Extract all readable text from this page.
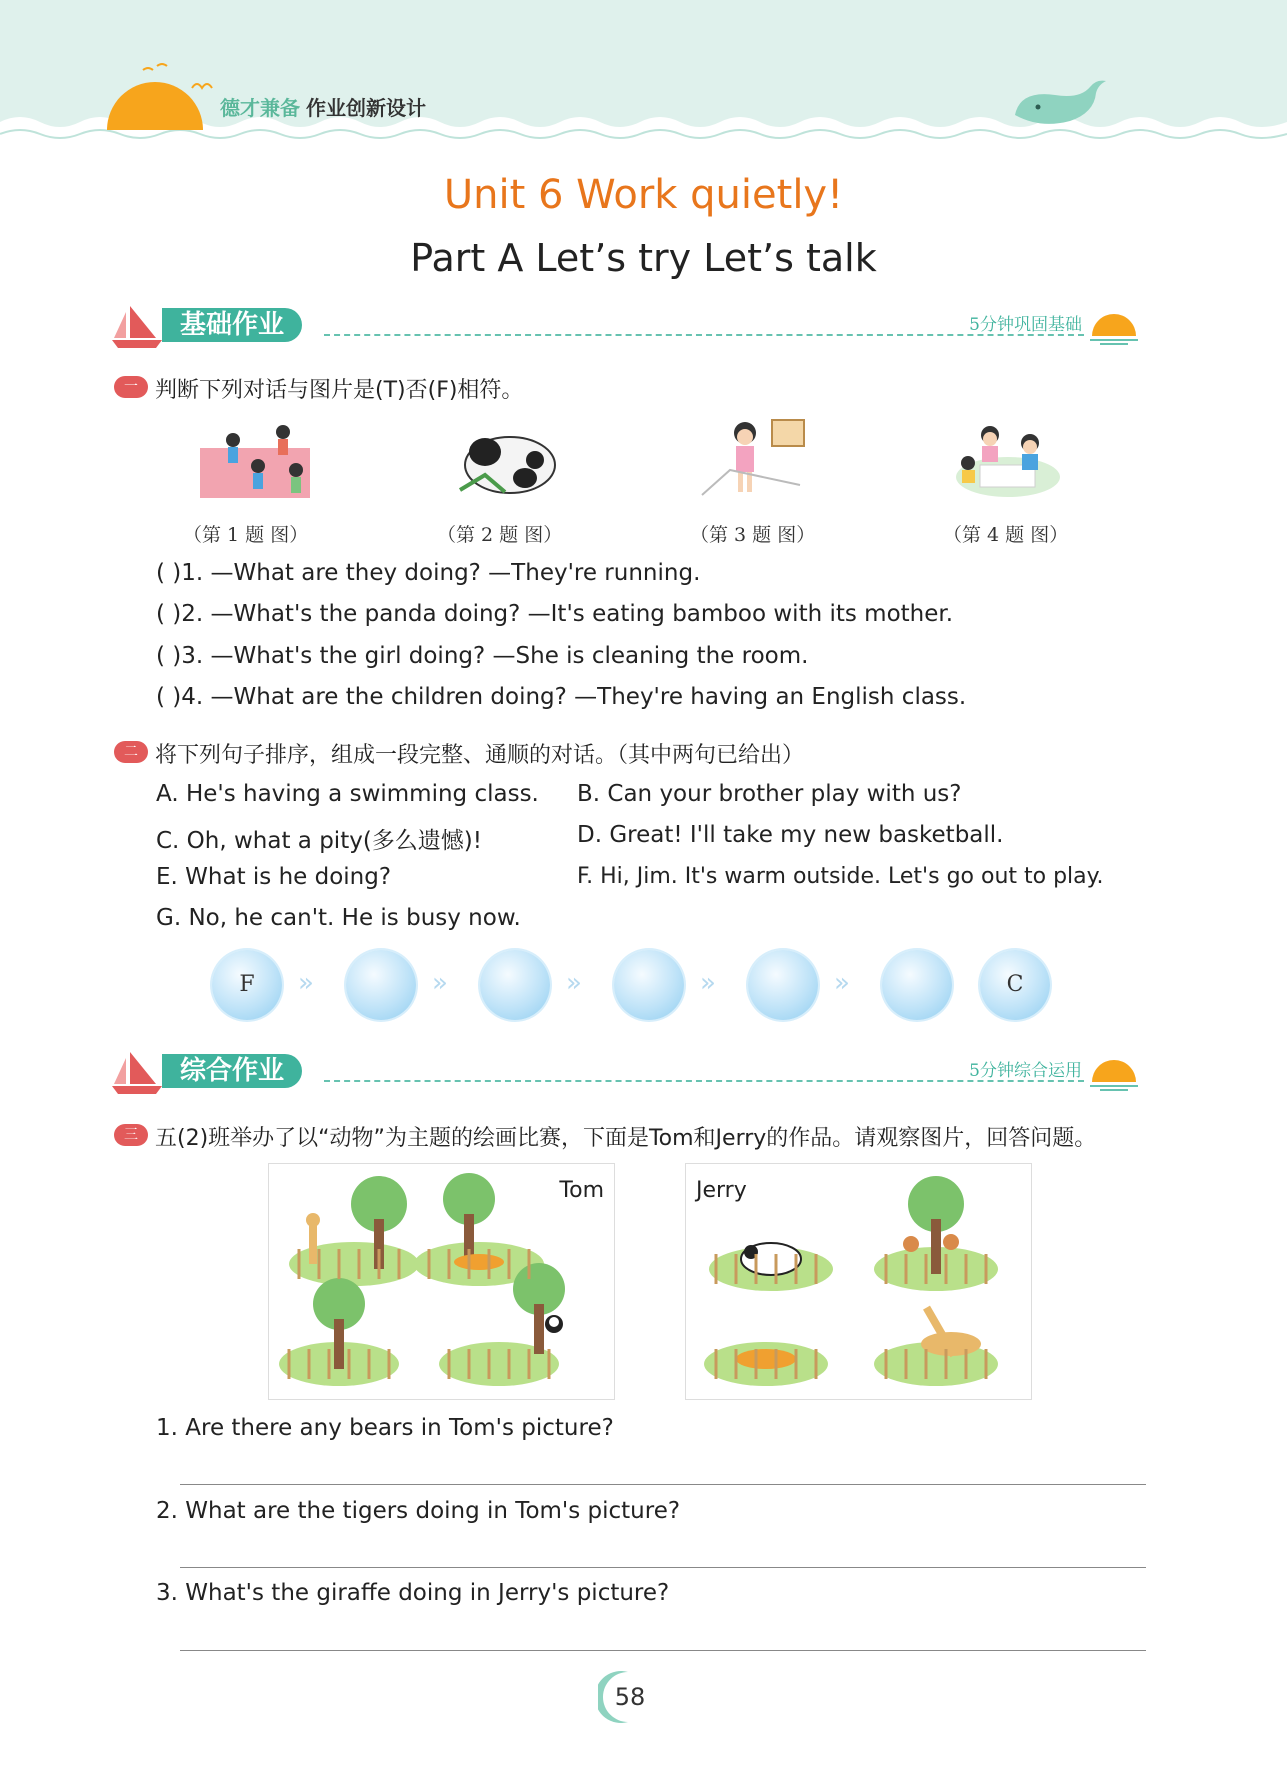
德才兼备 作业创新设计
Unit 6 Work quietly!
Part A Let’s try Let’s talk
基础作业	5分钟巩固基础
一 判断下列对话与图片是(T)否(F)相符。
（第 1 题 图）	（第 2 题 图）	（第 3 题 图）	（第 4 题 图）
( )1. —What are they doing? —They're running.
( )2. —What's the panda doing? —It's eating bamboo with its mother.
( )3. —What's the girl doing? —She is cleaning the room.
( )4. —What are the children doing? —They're having an English class.
二 将下列句子排序，组成一段完整、通顺的对话。（其中两句已给出）
A. He's having a swimming class. B. Can your brother play with us?
C. Oh, what a pity(多么遗憾)!	D. Great! I'll take my new basketball.
E. What is he doing?	F. Hi, Jim. It's warm outside. Let's go out to play.
G. No, he can't. He is busy now.
F	»	»	»	»	»	C
综合作业	5分钟综合运用
三 五(2)班举办了以“动物”为主题的绘画比赛，下面是Tom和Jerry的作品。请观察图片，回答问题。
Tom	Jerry
1. Are there any bears in Tom's picture?
2. What are the tigers doing in Tom's picture?
3. What's the giraffe doing in Jerry's picture?
58
